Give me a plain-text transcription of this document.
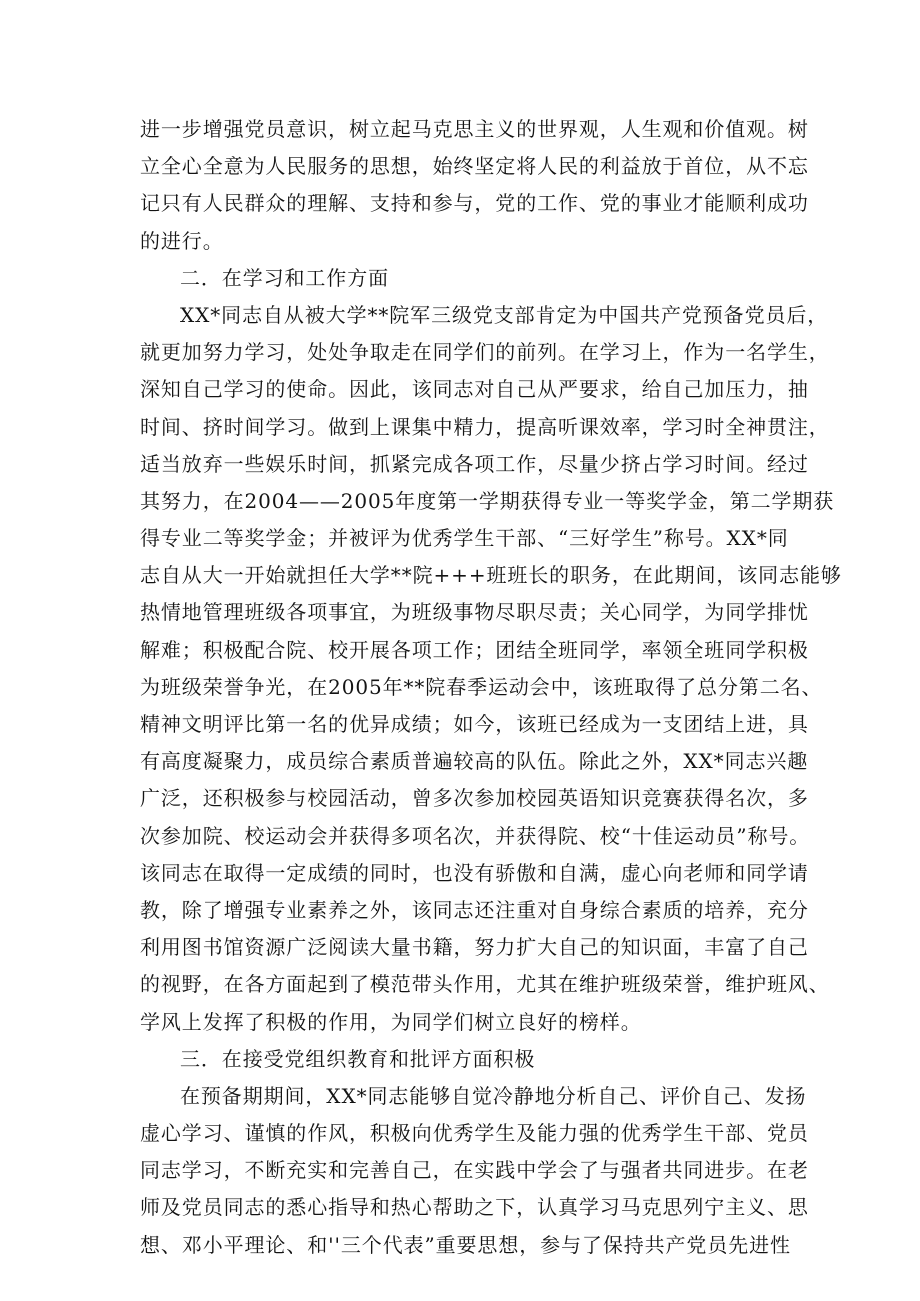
进一步增强党员意识，树立起马克思主义的世界观，人生观和价值观。树
立全心全意为人民服务的思想，始终坚定将人民的利益放于首位，从不忘
记只有人民群众的理解、支持和参与，党的工作、党的事业才能顺利成功
的进行。
二．在学习和工作方面
XX*同志自从被大学**院军三级党支部肯定为中国共产党预备党员后，
就更加努力学习，处处争取走在同学们的前列。在学习上，作为一名学生，
深知自己学习的使命。因此，该同志对自己从严要求，给自己加压力，抽
时间、挤时间学习。做到上课集中精力，提高听课效率，学习时全神贯注，
适当放弃一些娱乐时间，抓紧完成各项工作，尽量少挤占学习时间。经过
其努力，在2004——2005年度第一学期获得专业一等奖学金，第二学期获
得专业二等奖学金；并被评为优秀学生干部、“三好学生”称号。XX*同
志自从大一开始就担任大学**院+++班班长的职务，在此期间，该同志能够
热情地管理班级各项事宜，为班级事物尽职尽责；关心同学，为同学排忧
解难；积极配合院、校开展各项工作；团结全班同学，率领全班同学积极
为班级荣誉争光，在2005年**院春季运动会中，该班取得了总分第二名、
精神文明评比第一名的优异成绩；如今，该班已经成为一支团结上进，具
有高度凝聚力，成员综合素质普遍较高的队伍。除此之外，XX*同志兴趣
广泛，还积极参与校园活动，曾多次参加校园英语知识竞赛获得名次，多
次参加院、校运动会并获得多项名次，并获得院、校“十佳运动员”称号。
该同志在取得一定成绩的同时，也没有骄傲和自满，虚心向老师和同学请
教，除了增强专业素养之外，该同志还注重对自身综合素质的培养，充分
利用图书馆资源广泛阅读大量书籍，努力扩大自己的知识面，丰富了自己
的视野，在各方面起到了模范带头作用，尤其在维护班级荣誉，维护班风、
学风上发挥了积极的作用，为同学们树立良好的榜样。
三．在接受党组织教育和批评方面积极
在预备期期间，XX*同志能够自觉冷静地分析自己、评价自己、发扬
虚心学习、谨慎的作风，积极向优秀学生及能力强的优秀学生干部、党员
同志学习，不断充实和完善自己，在实践中学会了与强者共同进步。在老
师及党员同志的悉心指导和热心帮助之下，认真学习马克思列宁主义、思
想、邓小平理论、和''三个代表”重要思想，参与了保持共产党员先进性
